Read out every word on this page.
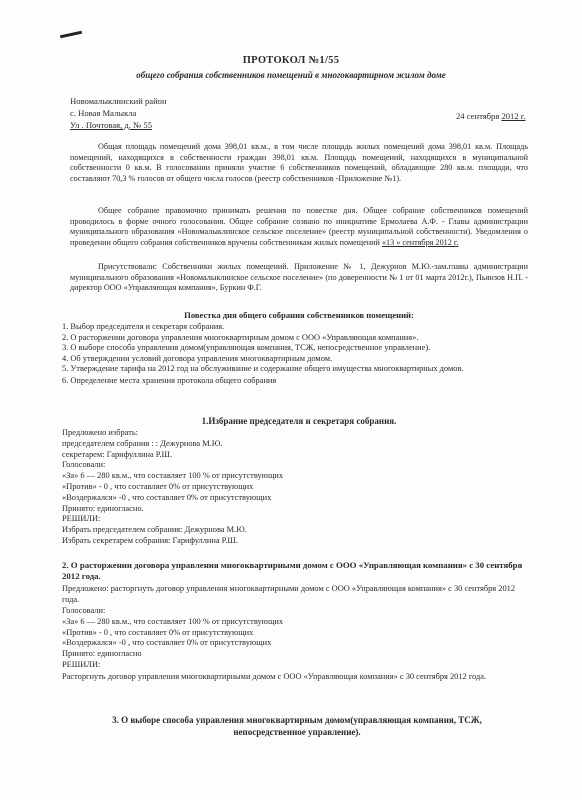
ПРОТОКОЛ №1/55
общего собрания собственников помещений в многоквартирном жилом доме
Новомалыклинский район
с. Новая Малыкла
Ул . Почтовая, д. № 55
24 сентября 2012 г.

Общая площадь помещений дома 398,01 кв.м., в том числе площадь жилых помещений дома 398,01 кв.м. Площадь помещений, находящихся в собственности граждан 398,01 кв.м. Площадь помещений, находящихся в муниципальной собственности 0 кв.м. В голосовании приняли участие 6 собственников помещений, обладающие 280 кв.м. площади, что составляют 70,3 % голосов от общего числа голосов (реестр собственников -Приложение №1).

Общее собрание правомочно принимать решения по повестке дня. Общее собрание собственников помещений проводилось в форме очного голосования. Общее собрание созвано по инициативе Ермолаева А.Ф. - Главы администрации муниципального образования «Новомалыклинское сельское поселение» (реестр муниципальной собственности). Уведомления о проведении общего собрания собственников вручены собственникам жилых помещений «13 » сентября 2012 г.

Присутствовали: Собственники жилых помещений. Приложение № 1, Дежурнов М.Ю.-зам.главы администрации муниципального образования «Новомалыклинское сельское поселение» (по доверенности № 1 от 01 марта 2012г.), Пьянзов Н.П. - директор ООО «Управляющая компания», Буркин Ф.Г.

Повестка дня общего собрания собственников помещений:
1. Выбор председателя и секретаря собрания.
2. О расторжении договора управления многоквартирным домом с ООО «Управляющая компания».
3. О выборе способа управления домом(управляющая компания, ТСЖ, непосредственное управление).
4. Об утверждении условий договора управления многоквартирным домом.
5. Утверждение тарифа на 2012 год на обслуживание и содержание общего имущества многоквартирных домов.
6. Определение места хранения протокола общего собрания
1.Избрание председателя и секретаря собрания.
Предложено избрать:
председателем собрания : : Дежурнова М.Ю.
секретарем: Гарифуллина Р.Ш.
Голосовали:
«За» 6 — 280 кв.м., что составляет 100 % от присутствующих
«Против» - 0 , что составляет 0% от присутствующих
«Воздержался» -0 , что составляет 0% от присутствующих
Принято: единогласно.
РЕШИЛИ:
Избрать председателем собрания: Дежурнова М.Ю.
Избрать секретарем собрания: Гарифуллина Р.Ш.
2. О расторжении договора управления многоквартирными домом с ООО «Управляющая компания» с 30 сентября 2012 года.
Предложено: расторгнуть договор управления многоквартирными домом с ООО «Управляющая компания» с 30 сентября 2012 года.
Голосовали:
«За» 6 — 280 кв.м., что составляет 100 % от присутствующих
«Против» - 0 , что составляет 0% от присутствующих
«Воздержался» -0 , что составляет 0% от присутствующих
Принято: единогласно
РЕШИЛИ:
Расторгнуть договор управления многоквартирными домом с ООО «Управляющая компания» с 30 сентября 2012 года.
3. О выборе способа управления многоквартирным домом(управляющая компания, ТСЖ,
непосредственное управление).
